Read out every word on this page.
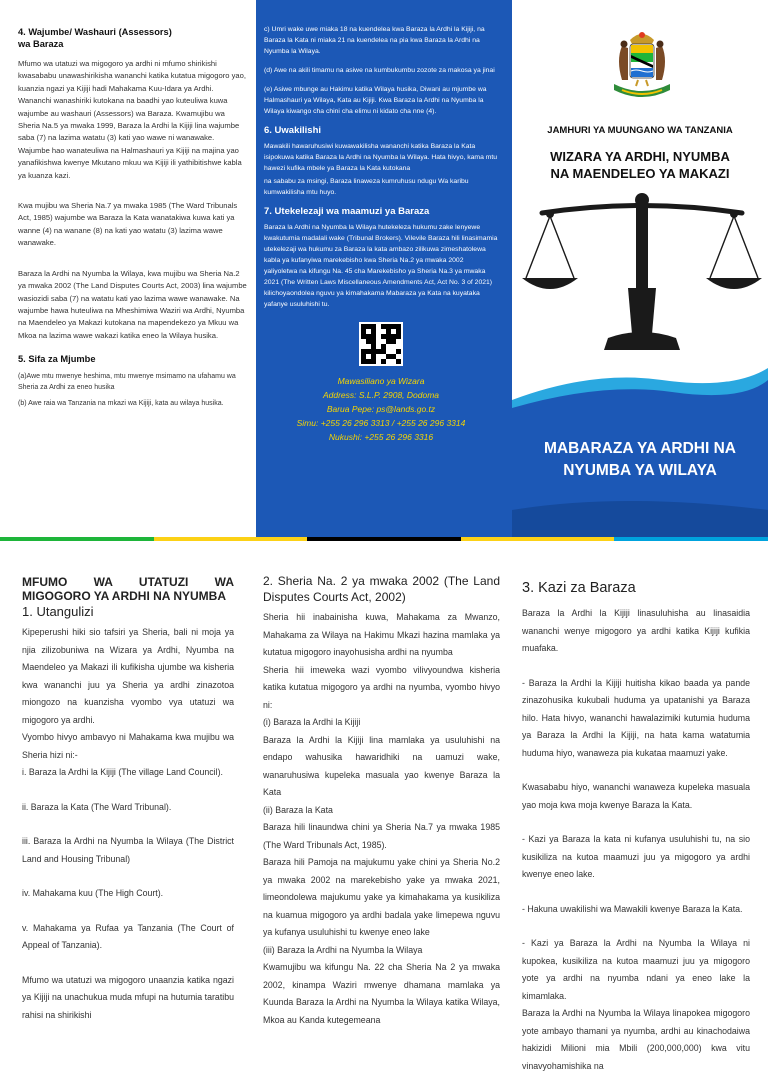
4. Wajumbe/ Washauri (Assessors)
wa Baraza

Mfumo wa utatuzi wa migogoro ya ardhi ni mfumo shirikishi kwasababu unawashirikisha wananchi katika kutatua migogoro yao, kuanzia ngazi ya Kijiji hadi Mahakama Kuu-Idara ya Ardhi. Wananchi wanashiriki kutokana na baadhi yao kuteuliwa kuwa wajumbe au washauri (Assessors) wa Baraza. Kwamujibu wa Sheria Na.5 ya mwaka 1999, Baraza la Ardhi la Kijiji lina wajumbe saba (7) na lazima watatu (3) kati yao wawe ni wanawake. Wajumbe hao wanateuliwa na Halmashauri ya Kijiji na majina yao yanafikishwa kwenye Mkutano mkuu wa Kijiji ili yathibitishwe kabla ya kuanza kazi.

Kwa mujibu wa Sheria Na.7 ya mwaka 1985 (The Ward Tribunals Act, 1985) wajumbe wa Baraza la Kata wanatakiwa kuwa kati ya wanne (4) na wanane (8) na kati yao watatu (3) lazima wawe wanawake.

Baraza la Ardhi na Nyumba la Wilaya, kwa mujibu wa Sheria Na.2 ya mwaka 2002 (The Land Disputes Courts Act, 2003) lina wajumbe wasiozidi saba (7) na watatu kati yao lazima wawe wanawake. Na wajumbe hawa huteuliwa na Mheshimiwa Waziri wa Ardhi, Nyumba na Maendeleo ya Makazi kutokana na mapendekezo ya Mkuu wa Mkoa na lazima wawe wakazi katika eneo la Wilaya husika.

5. Sifa za Mjumbe

(a)Awe mtu mwenye heshima, mtu mwenye msimamo na ufahamu wa Sheria za Ardhi za eneo husika

(b) Awe raia wa Tanzania na mkazi wa Kijiji, kata au wilaya husika.

c) Umri wake uwe miaka 18 na kuendelea kwa Baraza la Ardhi la Kijiji, na Baraza la Kata ni miaka 21 na kuendelea na pia kwa Baraza la Ardhi na Nyumba la Wilaya.

(d) Awe na akili timamu na asiwe na kumbukumbu zozote za makosa ya jinai

(e) Asiwe mbunge au Hakimu katika Wilaya husika, Diwani au mjumbe wa Halmashauri ya Wilaya, Kata au Kijiji. Kwa Baraza la Ardhi na Nyumba la Wilaya kiwango cha chini cha elimu ni kidato cha nne (4).

6. Uwakilishi

Mawakili hawaruhusiwi kuwawakilisha wananchi katika Baraza la Kata isipokuwa katika Baraza la Ardhi na Nyumba la Wilaya. Hata hivyo, kama mtu hawezi kufika mbele ya Baraza la Kata kutokana

na sababu za msingi, Baraza linaweza kumruhusu ndugu Wa karibu kumwakilisha mtu huyo.

7. Utekelezaji wa maamuzi ya Baraza

Baraza la Ardhi na Nyumba la Wilaya hutekeleza hukumu zake lenyewe kwakutumia madalali wake (Tribunal Brokers). Vilevile Baraza hili linasimamia utekelezaji wa hukumu za Baraza la kata ambazo zilikuwa zimeshatolewa kabla ya kufanyiwa marekebisho kwa Sheria Na.2 ya mwaka 2002 yaliyoletwa na kifungu Na. 45 cha Marekebisho ya Sheria Na.3 ya mwaka 2021 (The Written Laws Miscellaneous Amendments Act, Act No. 3 of 2021) kilichoyaondolea nguvu ya kimahakama Mabaraza ya Kata na kuyataka yafanye usuluhishi tu.

Mawasiliano ya Wizara
Address: S.L.P. 2908, Dodoma
Barua Pepe: ps@lands.go.tz
Simu: +255 26 296 3313 / +255 26 296 3314
Nukushi: +255 26 296 3316
JAMHURI YA MUUNGANO WA TANZANIA
WIZARA YA ARDHI, NYUMBA
NA MAENDELEO YA MAKAZI
MABARAZA YA ARDHI NA
NYUMBA YA WILAYA
MFUMO WA UTATUZI WA MIGOGORO YA ARDHI NA NYUMBA
1. Utangulizi

Kipeperushi hiki sio tafsiri ya Sheria, bali ni moja ya njia zilizobuniwa na Wizara ya Ardhi, Nyumba na Maendeleo ya Makazi ili kufikisha ujumbe wa kisheria kwa wananchi juu ya Sheria ya ardhi zinazotoa miongozo na kuanzisha vyombo vya utatuzi wa migogoro ya ardhi.

Vyombo hivyo ambavyo ni Mahakama kwa mujibu wa Sheria hizi ni:-

i. Baraza la Ardhi la Kijiji (The village Land Council).

ii. Baraza la Kata (The Ward Tribunal).

iii. Baraza la Ardhi na Nyumba la Wilaya (The District Land and Housing Tribunal)

iv. Mahakama kuu (The High Court).

v. Mahakama ya Rufaa ya Tanzania (The Court of Appeal of Tanzania).

Mfumo wa utatuzi wa migogoro unaanzia katika ngazi ya Kijiji na unachukua muda mfupi na hutumia taratibu rahisi na shirikishi

2. Sheria Na. 2 ya mwaka 2002 (The Land Disputes Courts Act, 2002)

Sheria hii inabainisha kuwa, Mahakama za Mwanzo, Mahakama za Wilaya na Hakimu Mkazi hazina mamlaka ya kutatua migogoro inayohusisha ardhi na nyumba

Sheria hii imeweka wazi vyombo vilivyoundwa kisheria katika kutatua migogoro ya ardhi na nyumba, vyombo hivyo ni:

(i) Baraza la Ardhi la Kijiji

Baraza la Ardhi la Kijiji lina mamlaka ya usuluhishi na endapo wahusika hawaridhiki na uamuzi wake, wanaruhusiwa kupeleka masuala yao kwenye Baraza la Kata

(ii) Baraza la Kata

Baraza hili linaundwa chini ya Sheria Na.7 ya mwaka 1985 (The Ward Tribunals Act, 1985).

Baraza hili Pamoja na majukumu yake chini ya Sheria No.2 ya mwaka 2002 na marekebisho yake ya mwaka 2021, limeondolewa majukumu yake ya kimahakama ya kusikiliza na kuamua migogoro ya ardhi badala yake limepewa nguvu ya kufanya usuluhishi tu kwenye eneo lake

(iii) Baraza la Ardhi na Nyumba la Wilaya

Kwamujibu wa kifungu Na. 22 cha Sheria Na 2 ya mwaka 2002, kinampa Waziri mwenye dhamana mamlaka ya Kuunda Baraza la Ardhi na Nyumba la Wilaya katika Wilaya, Mkoa au Kanda kutegemeana

3. Kazi za Baraza

Baraza la Ardhi la Kijiji linasuluhisha au linasaidia wananchi wenye migogoro ya ardhi katika Kijiji kufikia muafaka.

- Baraza la Ardhi la Kijiji huitisha kikao baada ya pande zinazohusika kukubali huduma ya upatanishi ya Baraza hilo. Hata hivyo, wananchi hawalazimiki kutumia huduma ya Baraza la Ardhi la Kijiji, na hata kama watatumia huduma hiyo, wanaweza pia kukataa maamuzi yake.

Kwasababu hiyo, wananchi wanaweza kupeleka masuala yao moja kwa moja kwenye Baraza la Kata.

- Kazi ya Baraza la kata ni kufanya usuluhishi tu, na sio kusikiliza na kutoa maamuzi juu ya migogoro ya ardhi kwenye eneo lake.

- Hakuna uwakilishi wa Mawakili kwenye Baraza la Kata.

- Kazi ya Baraza la Ardhi na Nyumba la Wilaya ni kupokea, kusikiliza na kutoa maamuzi juu ya migogoro yote ya ardhi na nyumba ndani ya eneo lake la kimamlaka.

Baraza la Ardhi na Nyumba la Wilaya linapokea migogoro yote ambayo thamani ya nyumba, ardhi au kinachodaiwa hakizidi Milioni mia Mbili (200,000,000) kwa vitu vinavyohamishika na
